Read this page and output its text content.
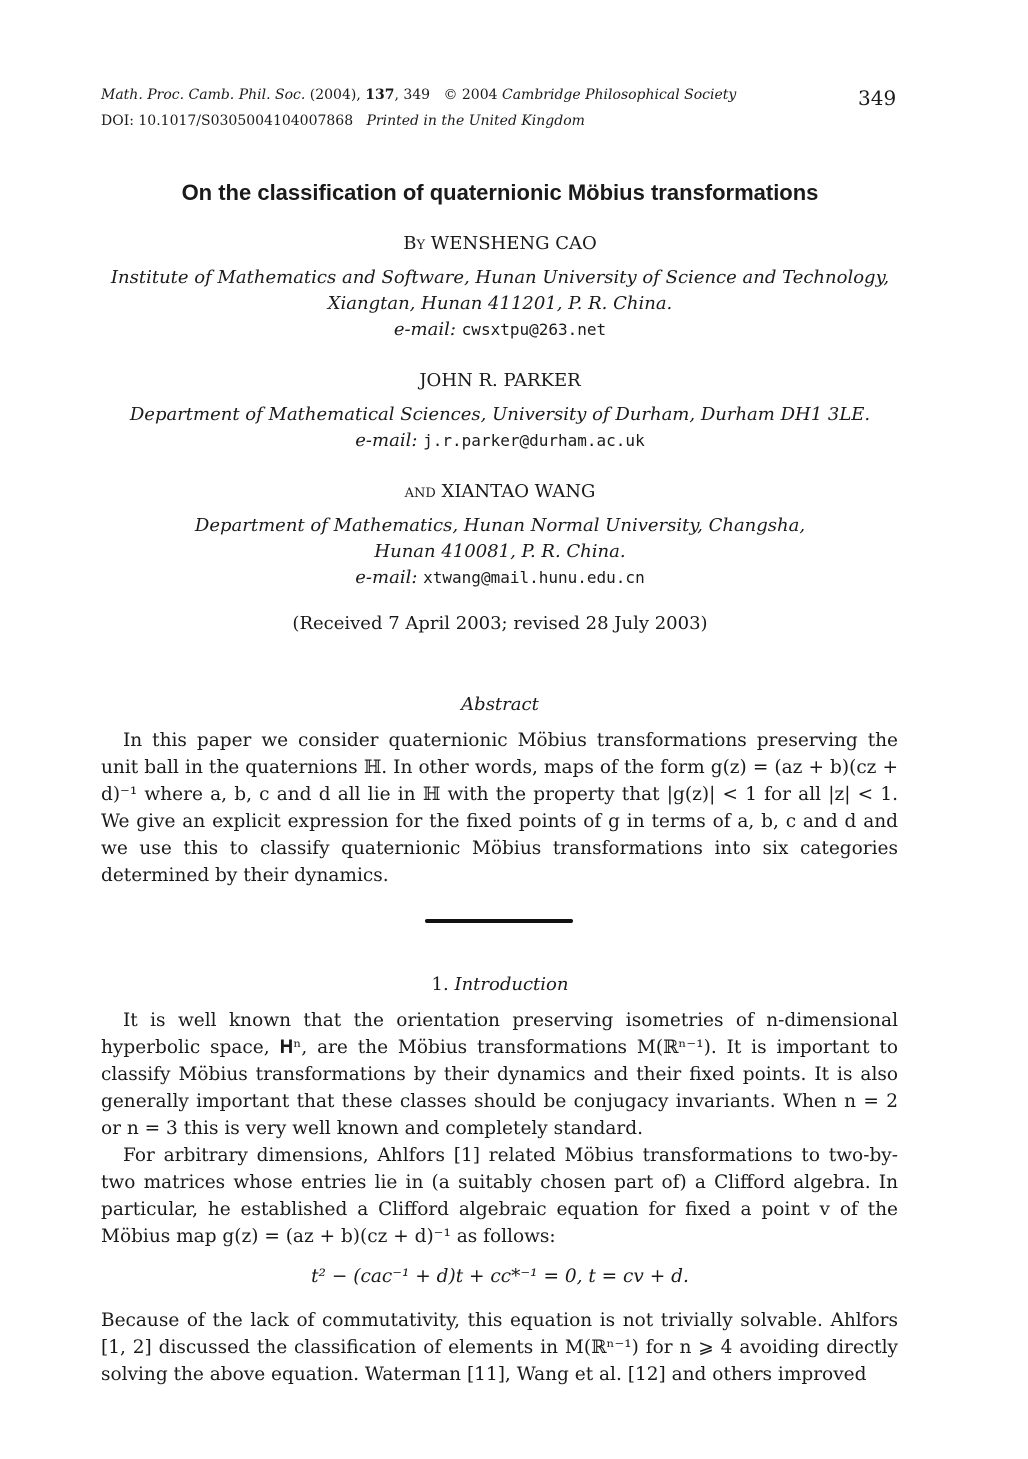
Math. Proc. Camb. Phil. Soc. (2004), 137, 349 © 2004 Cambridge Philosophical Society
DOI: 10.1017/S0305004104007868 Printed in the United Kingdom
349
On the classification of quaternionic Möbius transformations
By WENSHENG CAO
Institute of Mathematics and Software, Hunan University of Science and Technology,
Xiangtan, Hunan 411201, P. R. China.
e-mail: cwsxtpu@263.net
JOHN R. PARKER
Department of Mathematical Sciences, University of Durham, Durham DH1 3LE.
e-mail: j.r.parker@durham.ac.uk
and XIANTAO WANG
Department of Mathematics, Hunan Normal University, Changsha,
Hunan 410081, P. R. China.
e-mail: xtwang@mail.hunu.edu.cn
(Received 7 April 2003; revised 28 July 2003)
Abstract
In this paper we consider quaternionic Möbius transformations preserving the unit ball in the quaternions ℍ. In other words, maps of the form g(z) = (az + b)(cz + d)⁻¹ where a, b, c and d all lie in ℍ with the property that |g(z)| < 1 for all |z| < 1. We give an explicit expression for the fixed points of g in terms of a, b, c and d and we use this to classify quaternionic Möbius transformations into six categories determined by their dynamics.
1. Introduction
It is well known that the orientation preserving isometries of n-dimensional hyperbolic space, 𝐇ⁿ, are the Möbius transformations M(ℝⁿ⁻¹). It is important to classify Möbius transformations by their dynamics and their fixed points. It is also generally important that these classes should be conjugacy invariants. When n = 2 or n = 3 this is very well known and completely standard.
For arbitrary dimensions, Ahlfors [1] related Möbius transformations to two-by-two matrices whose entries lie in (a suitably chosen part of) a Clifford algebra. In particular, he established a Clifford algebraic equation for fixed a point v of the Möbius map g(z) = (az + b)(cz + d)⁻¹ as follows:
t² − (cac⁻¹ + d)t + cc*⁻¹ = 0, t = cv + d.
Because of the lack of commutativity, this equation is not trivially solvable. Ahlfors [1, 2] discussed the classification of elements in M(ℝⁿ⁻¹) for n ⩾ 4 avoiding directly solving the above equation. Waterman [11], Wang et al. [12] and others improved
